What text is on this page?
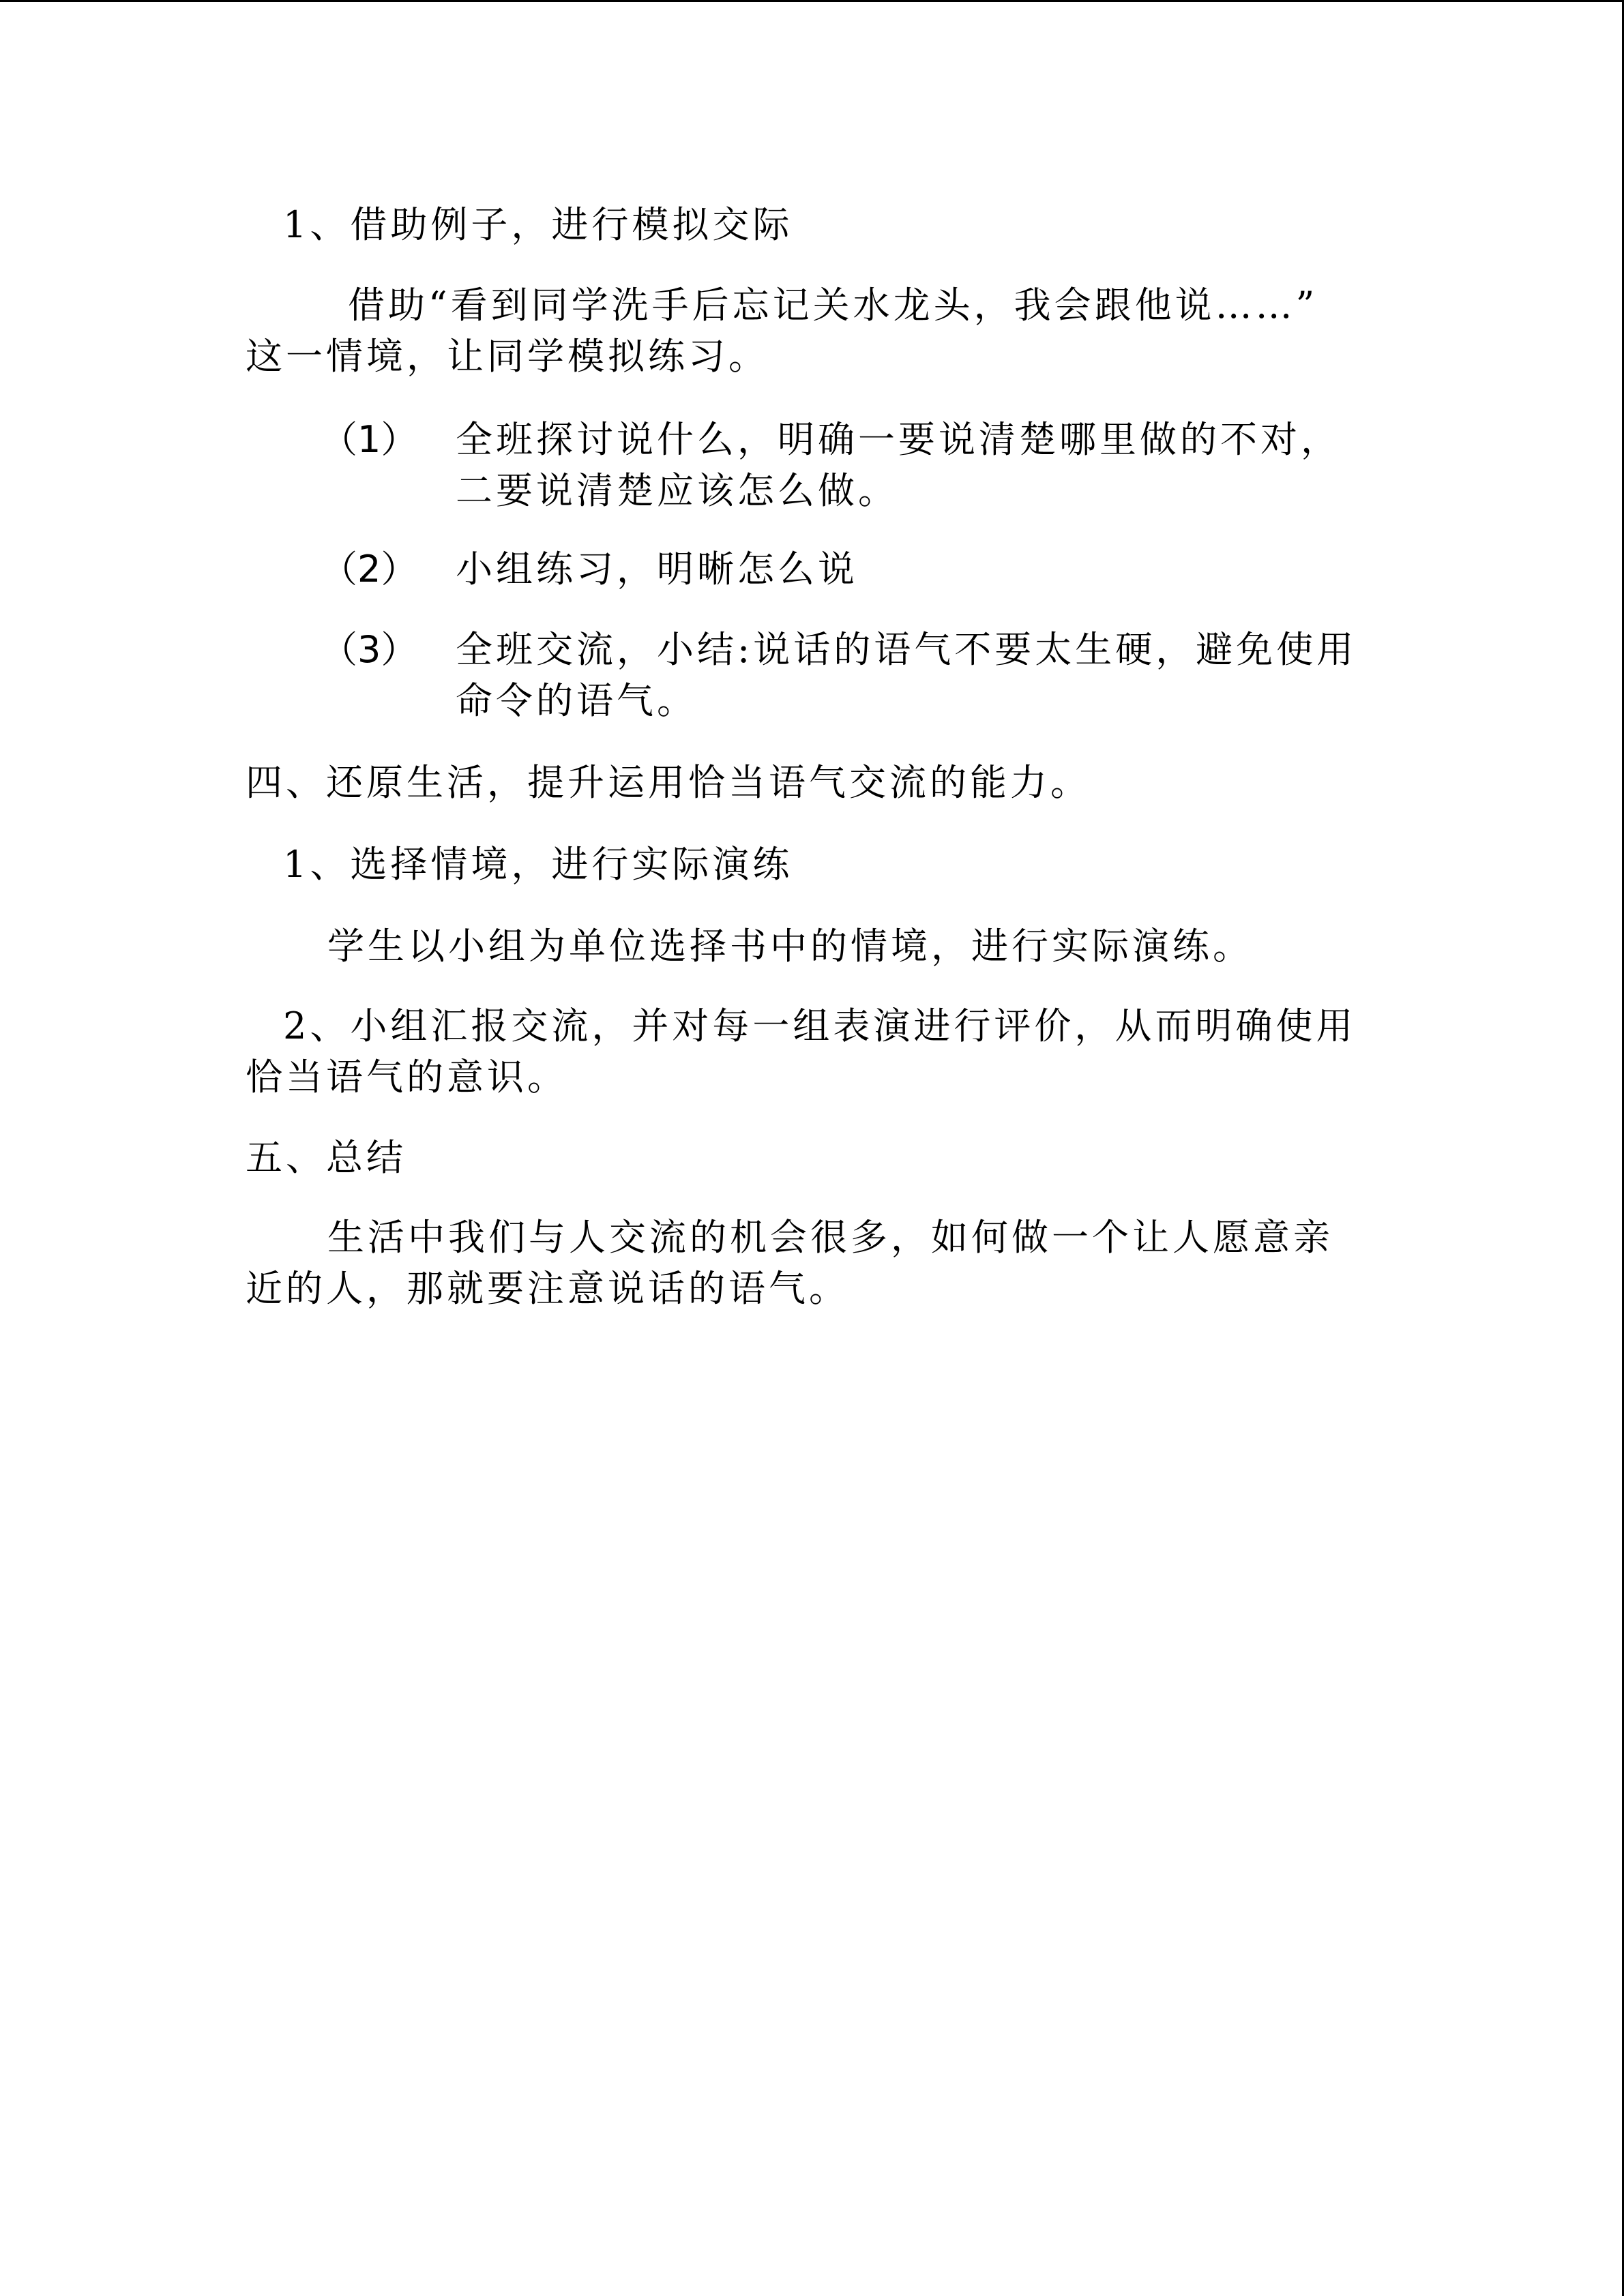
1、借助例子，进行模拟交际
借助“看到同学洗手后忘记关水龙头，我会跟他说……”
这一情境，让同学模拟练习。
（1） 全班探讨说什么，明确一要说清楚哪里做的不对，
二要说清楚应该怎么做。
（2） 小组练习，明晰怎么说
（3） 全班交流，小结:说话的语气不要太生硬，避免使用
命令的语气。
四、还原生活，提升运用恰当语气交流的能力。
1、选择情境，进行实际演练
学生以小组为单位选择书中的情境，进行实际演练。
2、小组汇报交流，并对每一组表演进行评价，从而明确使用
恰当语气的意识。
五、总结
生活中我们与人交流的机会很多，如何做一个让人愿意亲
近的人，那就要注意说话的语气。
